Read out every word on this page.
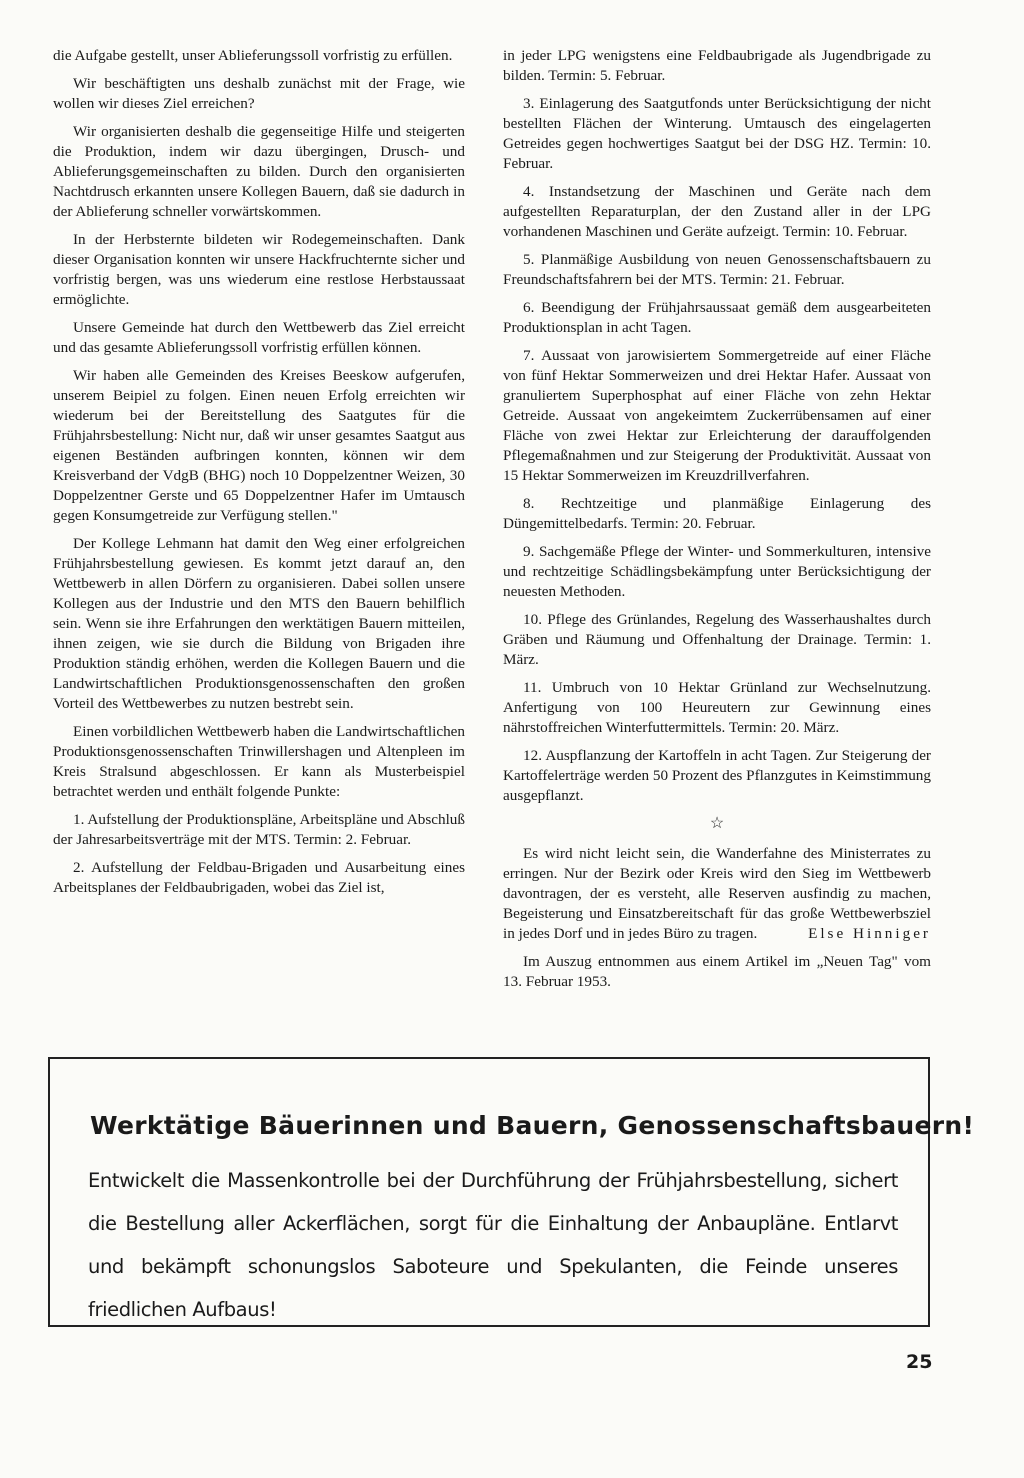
die Aufgabe gestellt, unser Ablieferungssoll vorfristig zu erfüllen.

Wir beschäftigten uns deshalb zunächst mit der Frage, wie wollen wir dieses Ziel erreichen?

Wir organisierten deshalb die gegenseitige Hilfe und steigerten die Produktion, indem wir dazu übergingen, Drusch- und Ablieferungsgemeinschaften zu bilden. Durch den organisierten Nachtdrusch erkannten unsere Kollegen Bauern, daß sie dadurch in der Ablieferung schneller vorwärtskommen.

In der Herbsternte bildeten wir Rodegemeinschaften. Dank dieser Organisation konnten wir unsere Hackfruchternte sicher und vorfristig bergen, was uns wiederum eine restlose Herbstaussaat ermöglichte.

Unsere Gemeinde hat durch den Wettbewerb das Ziel erreicht und das gesamte Ablieferungssoll vorfristig erfüllen können.

Wir haben alle Gemeinden des Kreises Beeskow aufgerufen, unserem Beipiel zu folgen. Einen neuen Erfolg erreichten wir wiederum bei der Bereitstellung des Saatgutes für die Frühjahrsbestellung: Nicht nur, daß wir unser gesamtes Saatgut aus eigenen Beständen aufbringen konnten, können wir dem Kreisverband der VdgB (BHG) noch 10 Doppelzentner Weizen, 30 Doppelzentner Gerste und 65 Doppelzentner Hafer im Umtausch gegen Konsumgetreide zur Verfügung stellen."

Der Kollege Lehmann hat damit den Weg einer erfolgreichen Frühjahrsbestellung gewiesen. Es kommt jetzt darauf an, den Wettbewerb in allen Dörfern zu organisieren. Dabei sollen unsere Kollegen aus der Industrie und den MTS den Bauern behilflich sein. Wenn sie ihre Erfahrungen den werktätigen Bauern mitteilen, ihnen zeigen, wie sie durch die Bildung von Brigaden ihre Produktion ständig erhöhen, werden die Kollegen Bauern und die Landwirtschaftlichen Produktionsgenossenschaften den großen Vorteil des Wettbewerbes zu nutzen bestrebt sein.

Einen vorbildlichen Wettbewerb haben die Landwirtschaftlichen Produktionsgenossenschaften Trinwillershagen und Altenpleen im Kreis Stralsund abgeschlossen. Er kann als Musterbeispiel betrachtet werden und enthält folgende Punkte:

1. Aufstellung der Produktionspläne, Arbeitspläne und Abschluß der Jahresarbeitsverträge mit der MTS. Termin: 2. Februar.

2. Aufstellung der Feldbau-Brigaden und Ausarbeitung eines Arbeitsplanes der Feldbaubrigaden, wobei das Ziel ist,

in jeder LPG wenigstens eine Feldbaubrigade als Jugendbrigade zu bilden. Termin: 5. Februar.

3. Einlagerung des Saatgutfonds unter Berücksichtigung der nicht bestellten Flächen der Winterung. Umtausch des eingelagerten Getreides gegen hochwertiges Saatgut bei der DSG HZ. Termin: 10. Februar.

4. Instandsetzung der Maschinen und Geräte nach dem aufgestellten Reparaturplan, der den Zustand aller in der LPG vorhandenen Maschinen und Geräte aufzeigt. Termin: 10. Februar.

5. Planmäßige Ausbildung von neuen Genossenschaftsbauern zu Freundschaftsfahrern bei der MTS. Termin: 21. Februar.

6. Beendigung der Frühjahrsaussaat gemäß dem ausgearbeiteten Produktionsplan in acht Tagen.

7. Aussaat von jarowisiertem Sommergetreide auf einer Fläche von fünf Hektar Sommerweizen und drei Hektar Hafer. Aussaat von granuliertem Superphosphat auf einer Fläche von zehn Hektar Getreide. Aussaat von angekeimtem Zuckerrübensamen auf einer Fläche von zwei Hektar zur Erleichterung der darauffolgenden Pflegemaßnahmen und zur Steigerung der Produktivität. Aussaat von 15 Hektar Sommerweizen im Kreuzdrillverfahren.

8. Rechtzeitige und planmäßige Einlagerung des Düngemittelbedarfs. Termin: 20. Februar.

9. Sachgemäße Pflege der Winter- und Sommerkulturen, intensive und rechtzeitige Schädlingsbekämpfung unter Berücksichtigung der neuesten Methoden.

10. Pflege des Grünlandes, Regelung des Wasserhaushaltes durch Gräben und Räumung und Offenhaltung der Drainage. Termin: 1. März.

11. Umbruch von 10 Hektar Grünland zur Wechselnutzung. Anfertigung von 100 Heureutern zur Gewinnung eines nährstoffreichen Winterfuttermittels. Termin: 20. März.

12. Auspflanzung der Kartoffeln in acht Tagen. Zur Steigerung der Kartoffelerträge werden 50 Prozent des Pflanzgutes in Keimstimmung ausgepflanzt.

☆

Es wird nicht leicht sein, die Wanderfahne des Ministerrates zu erringen. Nur der Bezirk oder Kreis wird den Sieg im Wettbewerb davontragen, der es versteht, alle Reserven ausfindig zu machen, Begeisterung und Einsatzbereitschaft für das große Wettbewerbsziel in jedes Dorf und in jedes Büro zu tragen.	Else Hinniger

Im Auszug entnommen aus einem Artikel im „Neuen Tag" vom 13. Februar 1953.

Werktätige Bäuerinnen und Bauern, Genossenschaftsbauern!
Entwickelt die Massenkontrolle bei der Durchführung der Frühjahrsbestellung, sichert die Bestellung aller Ackerflächen, sorgt für die Einhaltung der Anbaupläne. Entlarvt und bekämpft schonungslos Saboteure und Spekulanten, die Feinde unseres friedlichen Aufbaus!
25
